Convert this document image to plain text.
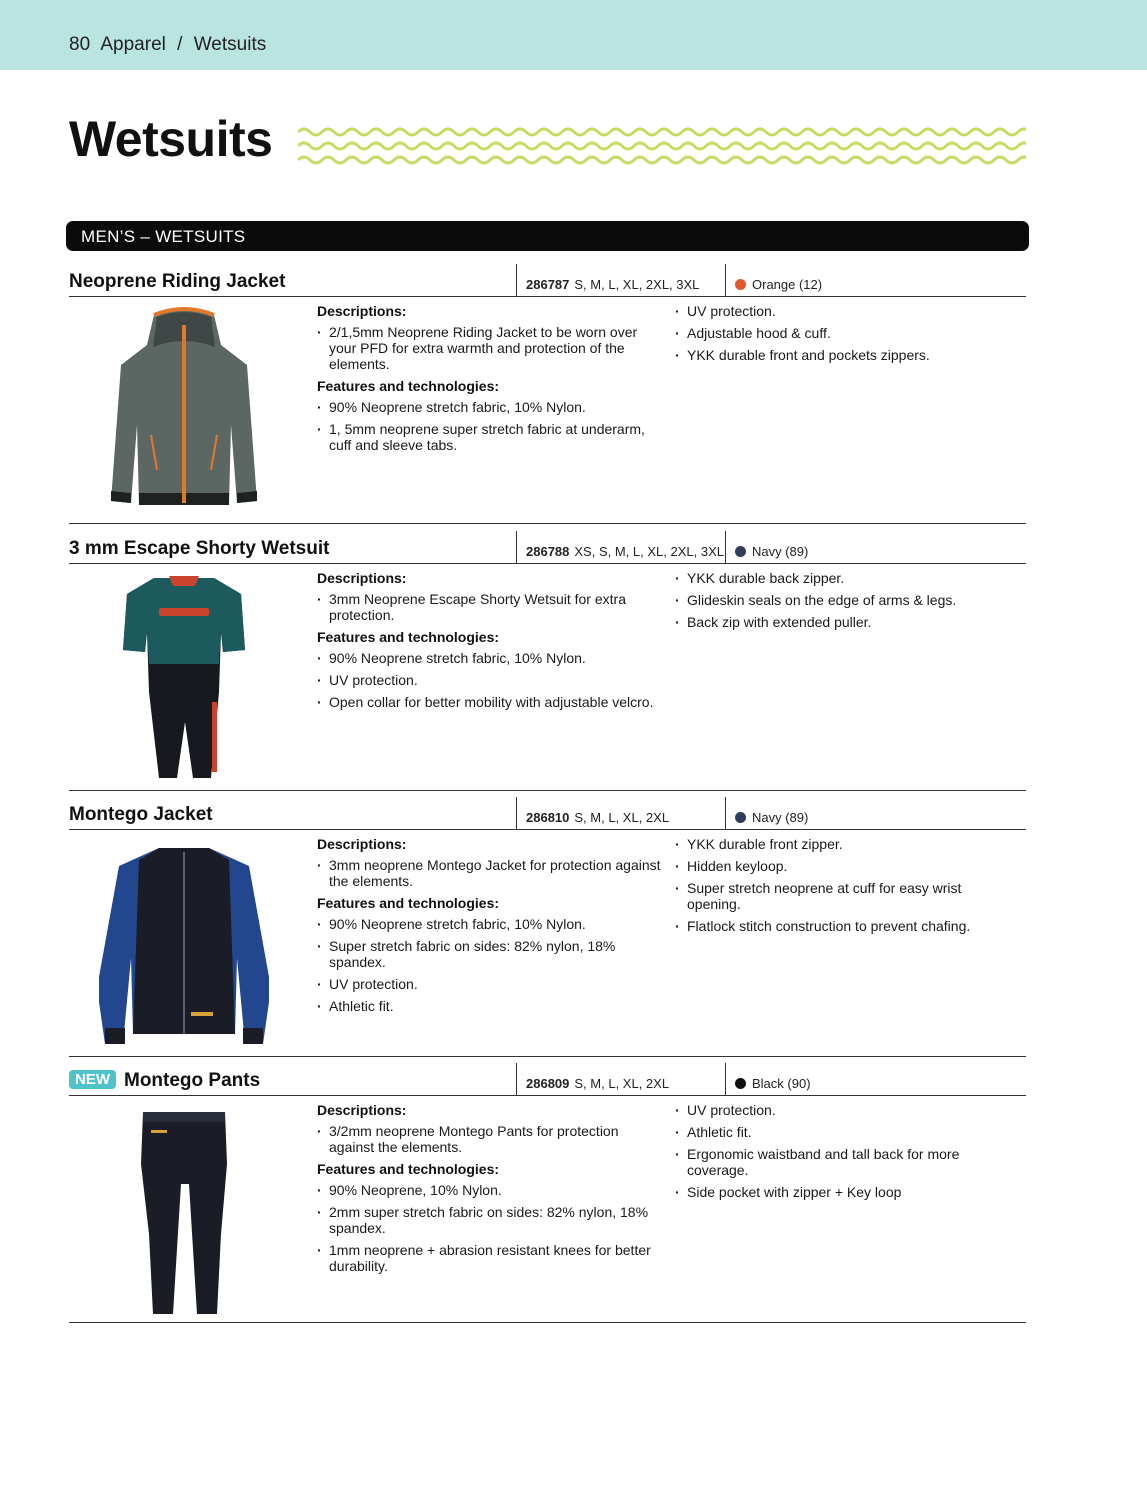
80 Apparel / Wetsuits
Wetsuits
MEN’S – WETSUITS
Neoprene Riding Jacket	286787 S, M, L, XL, 2XL, 3XL	Orange (12)
Descriptions:
· 2/1,5mm Neoprene Riding Jacket to be worn over your PFD for extra warmth and protection of the elements.
Features and technologies:
· 90% Neoprene stretch fabric, 10% Nylon.
· 1, 5mm neoprene super stretch fabric at underarm, cuff and sleeve tabs.
· UV protection.
· Adjustable hood & cuff.
· YKK durable front and pockets zippers.
3 mm Escape Shorty Wetsuit	286788 XS, S, M, L, XL, 2XL, 3XL	Navy (89)
Descriptions:
· 3mm Neoprene Escape Shorty Wetsuit for extra protection.
Features and technologies:
· 90% Neoprene stretch fabric, 10% Nylon.
· UV protection.
· Open collar for better mobility with adjustable velcro.
· YKK durable back zipper.
· Glideskin seals on the edge of arms & legs.
· Back zip with extended puller.
Montego Jacket	286810 S, M, L, XL, 2XL	Navy (89)
Descriptions:
· 3mm neoprene Montego Jacket for protection against the elements.
Features and technologies:
· 90% Neoprene stretch fabric, 10% Nylon.
· Super stretch fabric on sides: 82% nylon, 18% spandex.
· UV protection.
· Athletic fit.
· YKK durable front zipper.
· Hidden keyloop.
· Super stretch neoprene at cuff for easy wrist opening.
· Flatlock stitch construction to prevent chafing.
NEW Montego Pants	286809 S, M, L, XL, 2XL	Black (90)
Descriptions:
· 3/2mm neoprene Montego Pants for protection against the elements.
Features and technologies:
· 90% Neoprene, 10% Nylon.
· 2mm super stretch fabric on sides: 82% nylon, 18% spandex.
· 1mm neoprene + abrasion resistant knees for better durability.
· UV protection.
· Athletic fit.
· Ergonomic waistband and tall back for more coverage.
· Side pocket with zipper + Key loop
